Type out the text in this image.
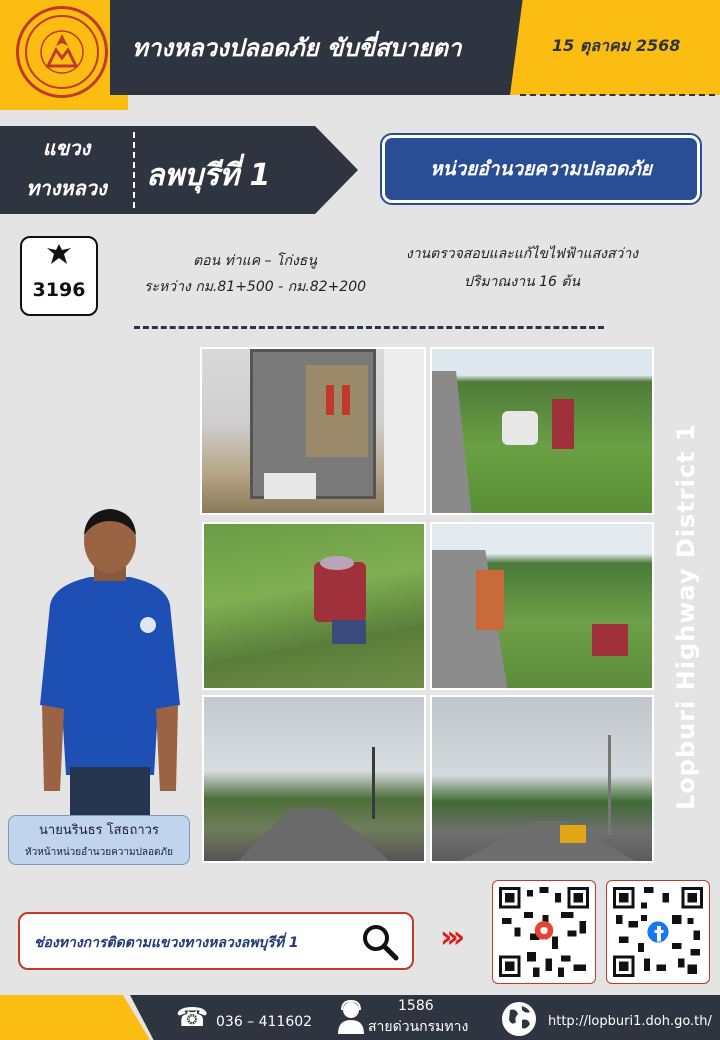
ทางหลวงปลอดภัย ขับขี่สบายตา	15 ตุลาคม 2568
แขวง
ทางหลวง	ลพบุรีที่ 1	หน่วยอำนวยความปลอดภัย
3196
ตอน ท่าแค – โก่งธนู
ระหว่าง กม.81+500 - กม.82+200
งานตรวจสอบและแก้ไขไฟฟ้าแสงสว่าง
ปริมาณงาน 16 ต้น
Lopburi Highway District 1
นายนรินธร โสธถาวร
หัวหน้าหน่วยอำนวยความปลอดภัย
ช่องทางการติดตามแขวงทางหลวงลพบุรีที่ 1	›››
☎ 036 – 411602
1586
สายด่วนกรมทาง	http://lopburi1.doh.go.th/
